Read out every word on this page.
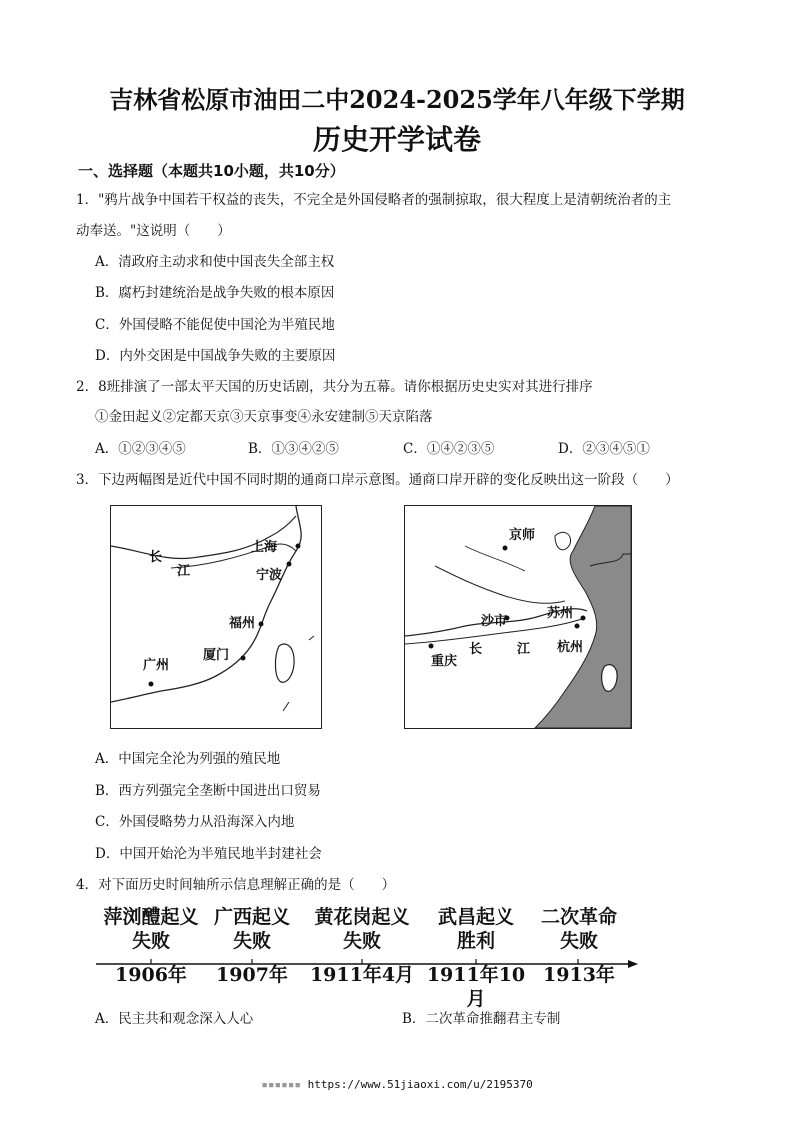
吉林省松原市油田二中2024-2025学年八年级下学期
历史开学试卷
一、选择题（本题共10小题，共10分）
1．"鸦片战争中国若干权益的丧失，不完全是外国侵略者的强制掠取，很大程度上是清朝统治者的主
动奉送。"这说明（　　）
A．清政府主动求和使中国丧失全部主权
B．腐朽封建统治是战争失败的根本原因
C．外国侵略不能促使中国沦为半殖民地
D．内外交困是中国战争失败的主要原因
2．8班排演了一部太平天国的历史话剧，共分为五幕。请你根据历史史实对其进行排序
①金田起义②定都天京③天京事变④永安建制⑤天京陷落
A．①②③④⑤	B．①③④②⑤	C．①④②③⑤	D．②③④⑤①
3．下边两幅图是近代中国不同时期的通商口岸示意图。通商口岸开辟的变化反映出这一阶段（　　）
长
江
上海
宁波
福州
厦门
广州
京师
沙市
苏州
重庆
长	江 杭州
A．中国完全沦为列强的殖民地
B．西方列强完全垄断中国进出口贸易
C．外国侵略势力从沿海深入内地
D．中国开始沦为半殖民地半封建社会
4．对下面历史时间轴所示信息理解正确的是（　　）
萍浏醴起义
失败
1906年
广西起义
失败
1907年
黄花岗起义
失败
1911年4月
武昌起义
胜利
1911年10月
二次革命
失败
1913年
A．民主共和观念深入人心	B．二次革命推翻君主专制
▪▪▪▪▪▪ https://www.51jiaoxi.com/u/2195370
